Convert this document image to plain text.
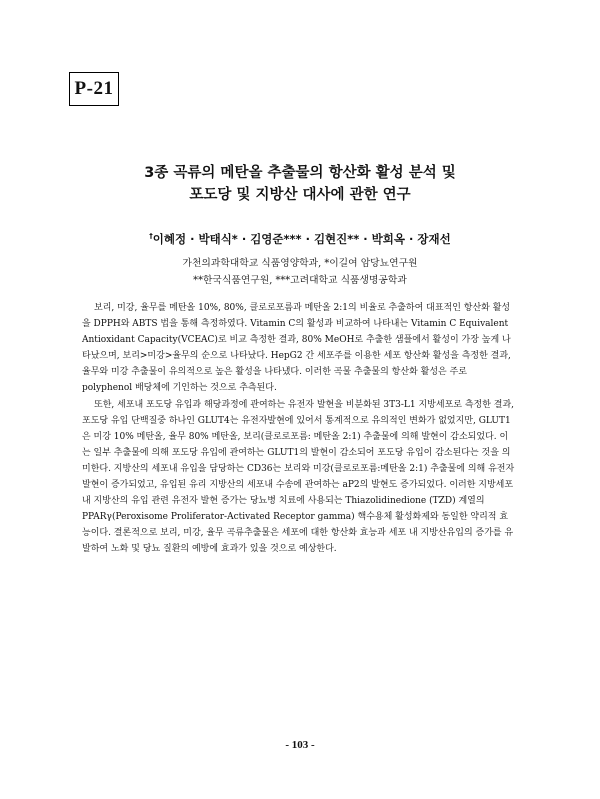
P-21
3종 곡류의 메탄올 추출물의 항산화 활성 분석 및
포도당 및 지방산 대사에 관한 연구

†이혜정 · 박태식* · 김영준*** · 김현진** · 박희옥 · 장재선

가천의과학대학교 식품영양학과, *이길여 암당뇨연구원
**한국식품연구원, ***고려대학교 식품생명공학과

보리, 미강, 율무를 메탄올 10%, 80%, 클로로포름과 메탄올 2:1의 비율로 추출하여 대표적인 항산화 활성을 DPPH와 ABTS 법을 통해 측정하였다. Vitamin C의 활성과 비교하여 나타내는 Vitamin C Equivalent Antioxidant Capacity(VCEAC)로 비교 측정한 결과, 80% MeOH로 추출한 샘플에서 활성이 가장 높게 나타났으며, 보리>미강>율무의 순으로 나타났다. HepG2 간 세포주를 이용한 세포 항산화 활성을 측정한 결과, 율무와 미강 추출물이 유의적으로 높은 활성을 나타냈다. 이러한 곡물 추출물의 항산화 활성은 주로 polyphenol 배당체에 기인하는 것으로 추측된다.

또한, 세포내 포도당 유입과 해당과정에 관여하는 유전자 발현을 비분화된 3T3-L1 지방세포로 측정한 결과, 포도당 유입 단백질중 하나인 GLUT4는 유전자발현에 있어서 통계적으로 유의적인 변화가 없었지만, GLUT1은 미강 10% 메탄올, 율무 80% 메탄올, 보리(클로로포름: 메탄올 2:1) 추출물에 의해 발현이 감소되었다. 이는 일부 추출물에 의해 포도당 유입에 관여하는 GLUT1의 발현이 감소되어 포도당 유입이 감소된다는 것을 의미한다. 지방산의 세포내 유입을 담당하는 CD36는 보리와 미강(클로로포름:메탄올 2:1) 추출물에 의해 유전자 발현이 증가되었고, 유입된 유리 지방산의 세포내 수송에 관여하는 aP2의 발현도 증가되었다. 이러한 지방세포 내 지방산의 유입 관련 유전자 발현 증가는 당뇨병 치료에 사용되는 Thiazolidinedione (TZD) 계열의 PPARγ(Peroxisome Proliferator-Activated Receptor gamma) 핵수용체 활성화제와 동일한 약리적 효능이다. 결론적으로 보리, 미강, 율무 곡류추출물은 세포에 대한 항산화 효능과 세포 내 지방산유입의 증가를 유발하여 노화 및 당뇨 질환의 예방에 효과가 있을 것으로 예상한다.

- 103 -
